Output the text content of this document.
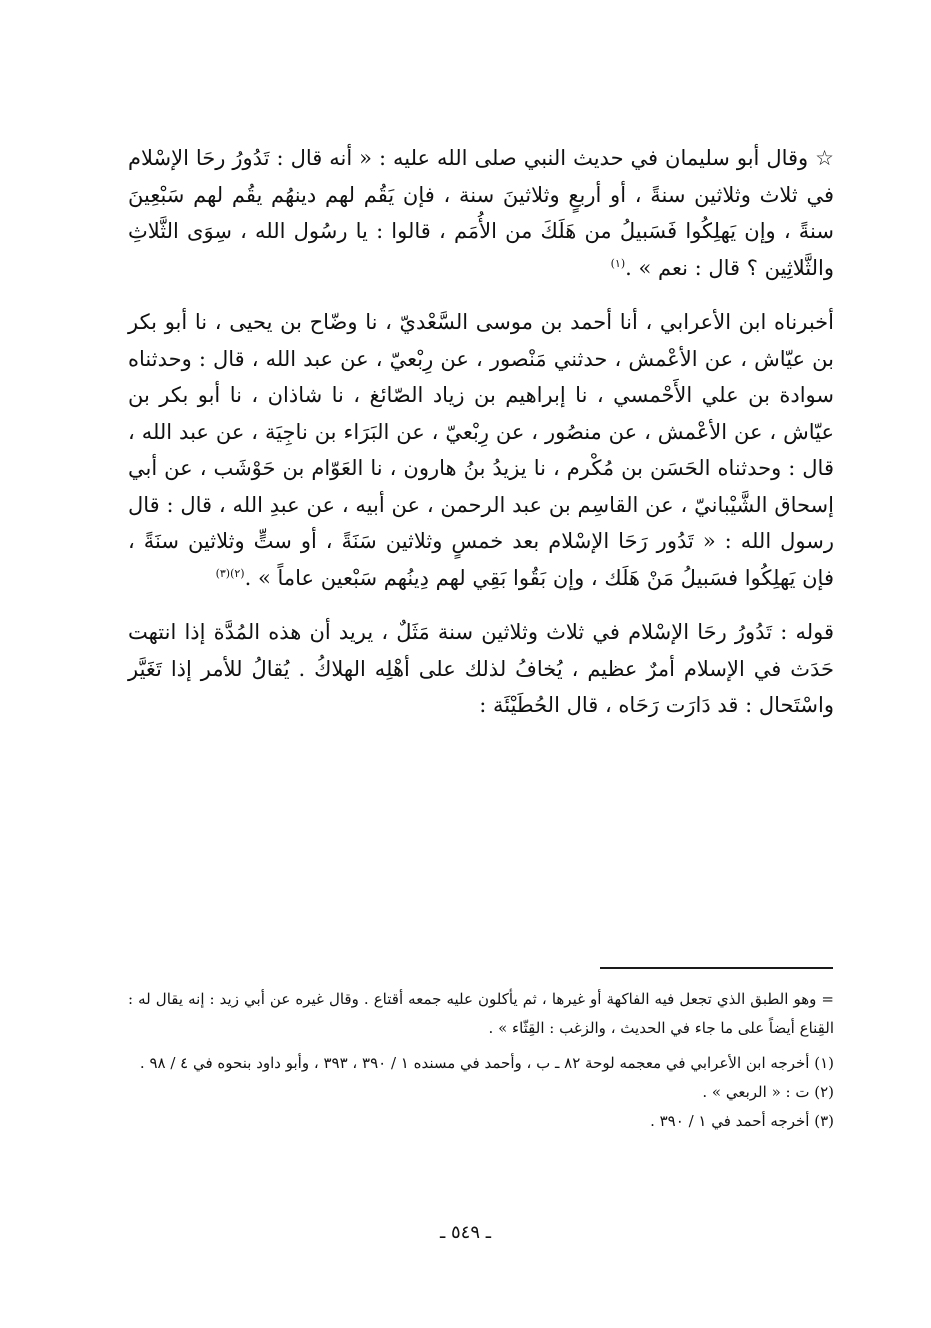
☆ وقال أبو سليمان في حديث النبي صلى الله عليه : « أنه قال : تَدُورُ رحَا الإسْلام في ثلاث وثلاثين سنةً ، أو أربعٍ وثلاثينَ سنة ، فإن يَقُم لهم دينهُم يقُم لهم سَبْعِينَ سنةً ، وإن يَهلِكُوا فَسَبيلُ من هَلَكَ من الأُمَم ، قالوا : يا رسُول الله ، سِوَى الثَّلاثِ والثَّلاثِين ؟ قال : نعم » .$^{(١)}$

أخبرناه ابن الأعرابي ، أنا أحمد بن موسى السَّعْديّ ، نا وضّاح بن يحيى ، نا أبو بكر بن عيّاش ، عن الأعْمش ، حدثني مَنْصور ، عن رِبْعيّ ، عن عبد الله ، قال : وحدثناه سوادة بن علي الأَحْمسي ، نا إبراهيم بن زياد الصّائغ ، نا شاذان ، نا أبو بكر بن عيّاش ، عن الأعْمش ، عن منصُور ، عن رِبْعيّ ، عن البَرَاء بن ناجِيَة ، عن عبد الله ، قال : وحدثناه الحَسَن بن مُكْرم ، نا يزيدُ بنُ هارون ، نا العَوّام بن حَوْشَب ، عن أبي إسحاق الشَّيْبانيّ ، عن القاسِم بن عبد الرحمن ، عن أبيه ، عن عبدِ الله ، قال : قال رسول الله : « تَدُور رَحَا الإسْلام بعد خمسٍ وثلاثين سَنَةً ، أو ستٍّ وثلاثين سنَةً ، فإن يَهلِكُوا فسَبيلُ مَنْ هَلَك ، وإن بَقُوا بَقِي لهم دِينُهم سَبْعين عاماً » .$^{(٢)(٣)}$

قوله : تَدُورُ رحَا الإسْلام في ثلاث وثلاثين سنة مَثَلٌ ، يريد أن هذه المُدَّة إذا انتهت حَدَث في الإسلام أمرٌ عظيم ، يُخافُ لذلك على أهْلِه الهلاكُ . يُقالُ للأمر إذا تَغَيَّر واسْتَحال : قد دَارَت رَحَاه ، قال الحُطَيْئَة :

= وهو الطبق الذي تجعل فيه الفاكهة أو غيرها ، ثم يأكلون عليه جمعه أقتاع . وقال غيره عن أبي زيد : إنه يقال له : القِناع أيضاً على ما جاء في الحديث ، والزغب : القِثّاء » .

(١) أخرجه ابن الأعرابي في معجمه لوحة ٨٢ ـ ب ، وأحمد في مسنده ١ / ٣٩٠ ، ٣٩٣ ، وأبو داود بنحوه في ٤ / ٩٨ .

(٢) ت : « الربعي » .

(٣) أخرجه أحمد في ١ / ٣٩٠ .

ـ ٥٤٩ ـ
